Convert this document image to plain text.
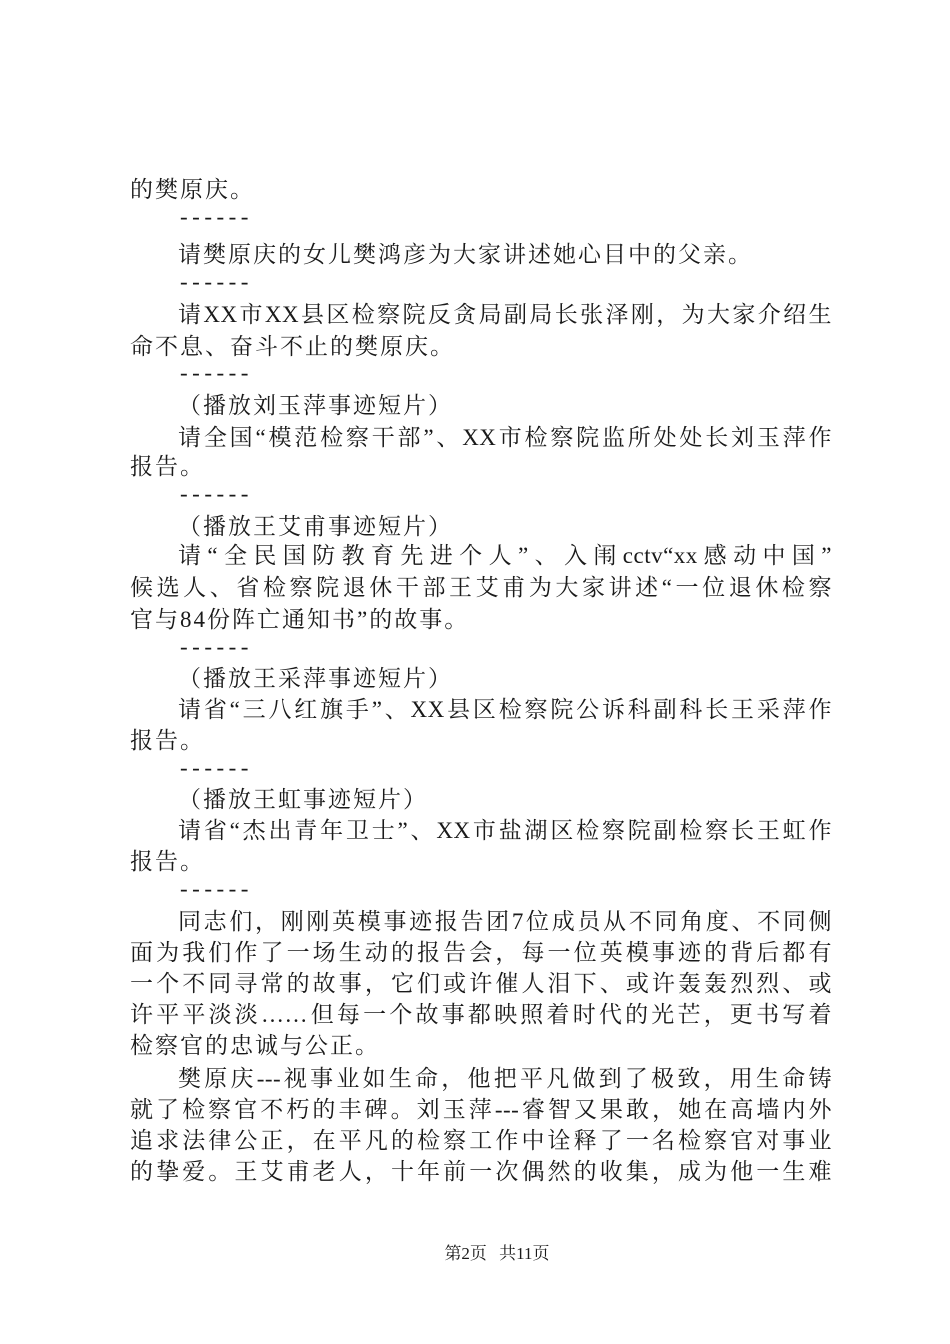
的樊原庆。
------
请樊原庆的女儿樊鸿彦为大家讲述她心目中的父亲。
------
请XX市XX县区检察院反贪局副局长张泽刚，为大家介绍生
命不息、奋斗不止的樊原庆。
------
（播放刘玉萍事迹短片）
请全国“模范检察干部”、XX市检察院监所处处长刘玉萍作
报告。
------
（播放王艾甫事迹短片）
请“全民国防教育先进个人”、入闱cctv“xx感动中国”
候选人、省检察院退休干部王艾甫为大家讲述“一位退休检察
官与84份阵亡通知书”的故事。
------
（播放王采萍事迹短片）
请省“三八红旗手”、XX县区检察院公诉科副科长王采萍作
报告。
------
（播放王虹事迹短片）
请省“杰出青年卫士”、XX市盐湖区检察院副检察长王虹作
报告。
------
同志们，刚刚英模事迹报告团7位成员从不同角度、不同侧
面为我们作了一场生动的报告会，每一位英模事迹的背后都有
一个不同寻常的故事，它们或许催人泪下、或许轰轰烈烈、或
许平平淡淡……但每一个故事都映照着时代的光芒，更书写着
检察官的忠诚与公正。
樊原庆---视事业如生命，他把平凡做到了极致，用生命铸
就了检察官不朽的丰碑。刘玉萍---睿智又果敢，她在高墙内外
追求法律公正，在平凡的检察工作中诠释了一名检察官对事业
的挚爱。王艾甫老人，十年前一次偶然的收集，成为他一生难
第2页 共11页
